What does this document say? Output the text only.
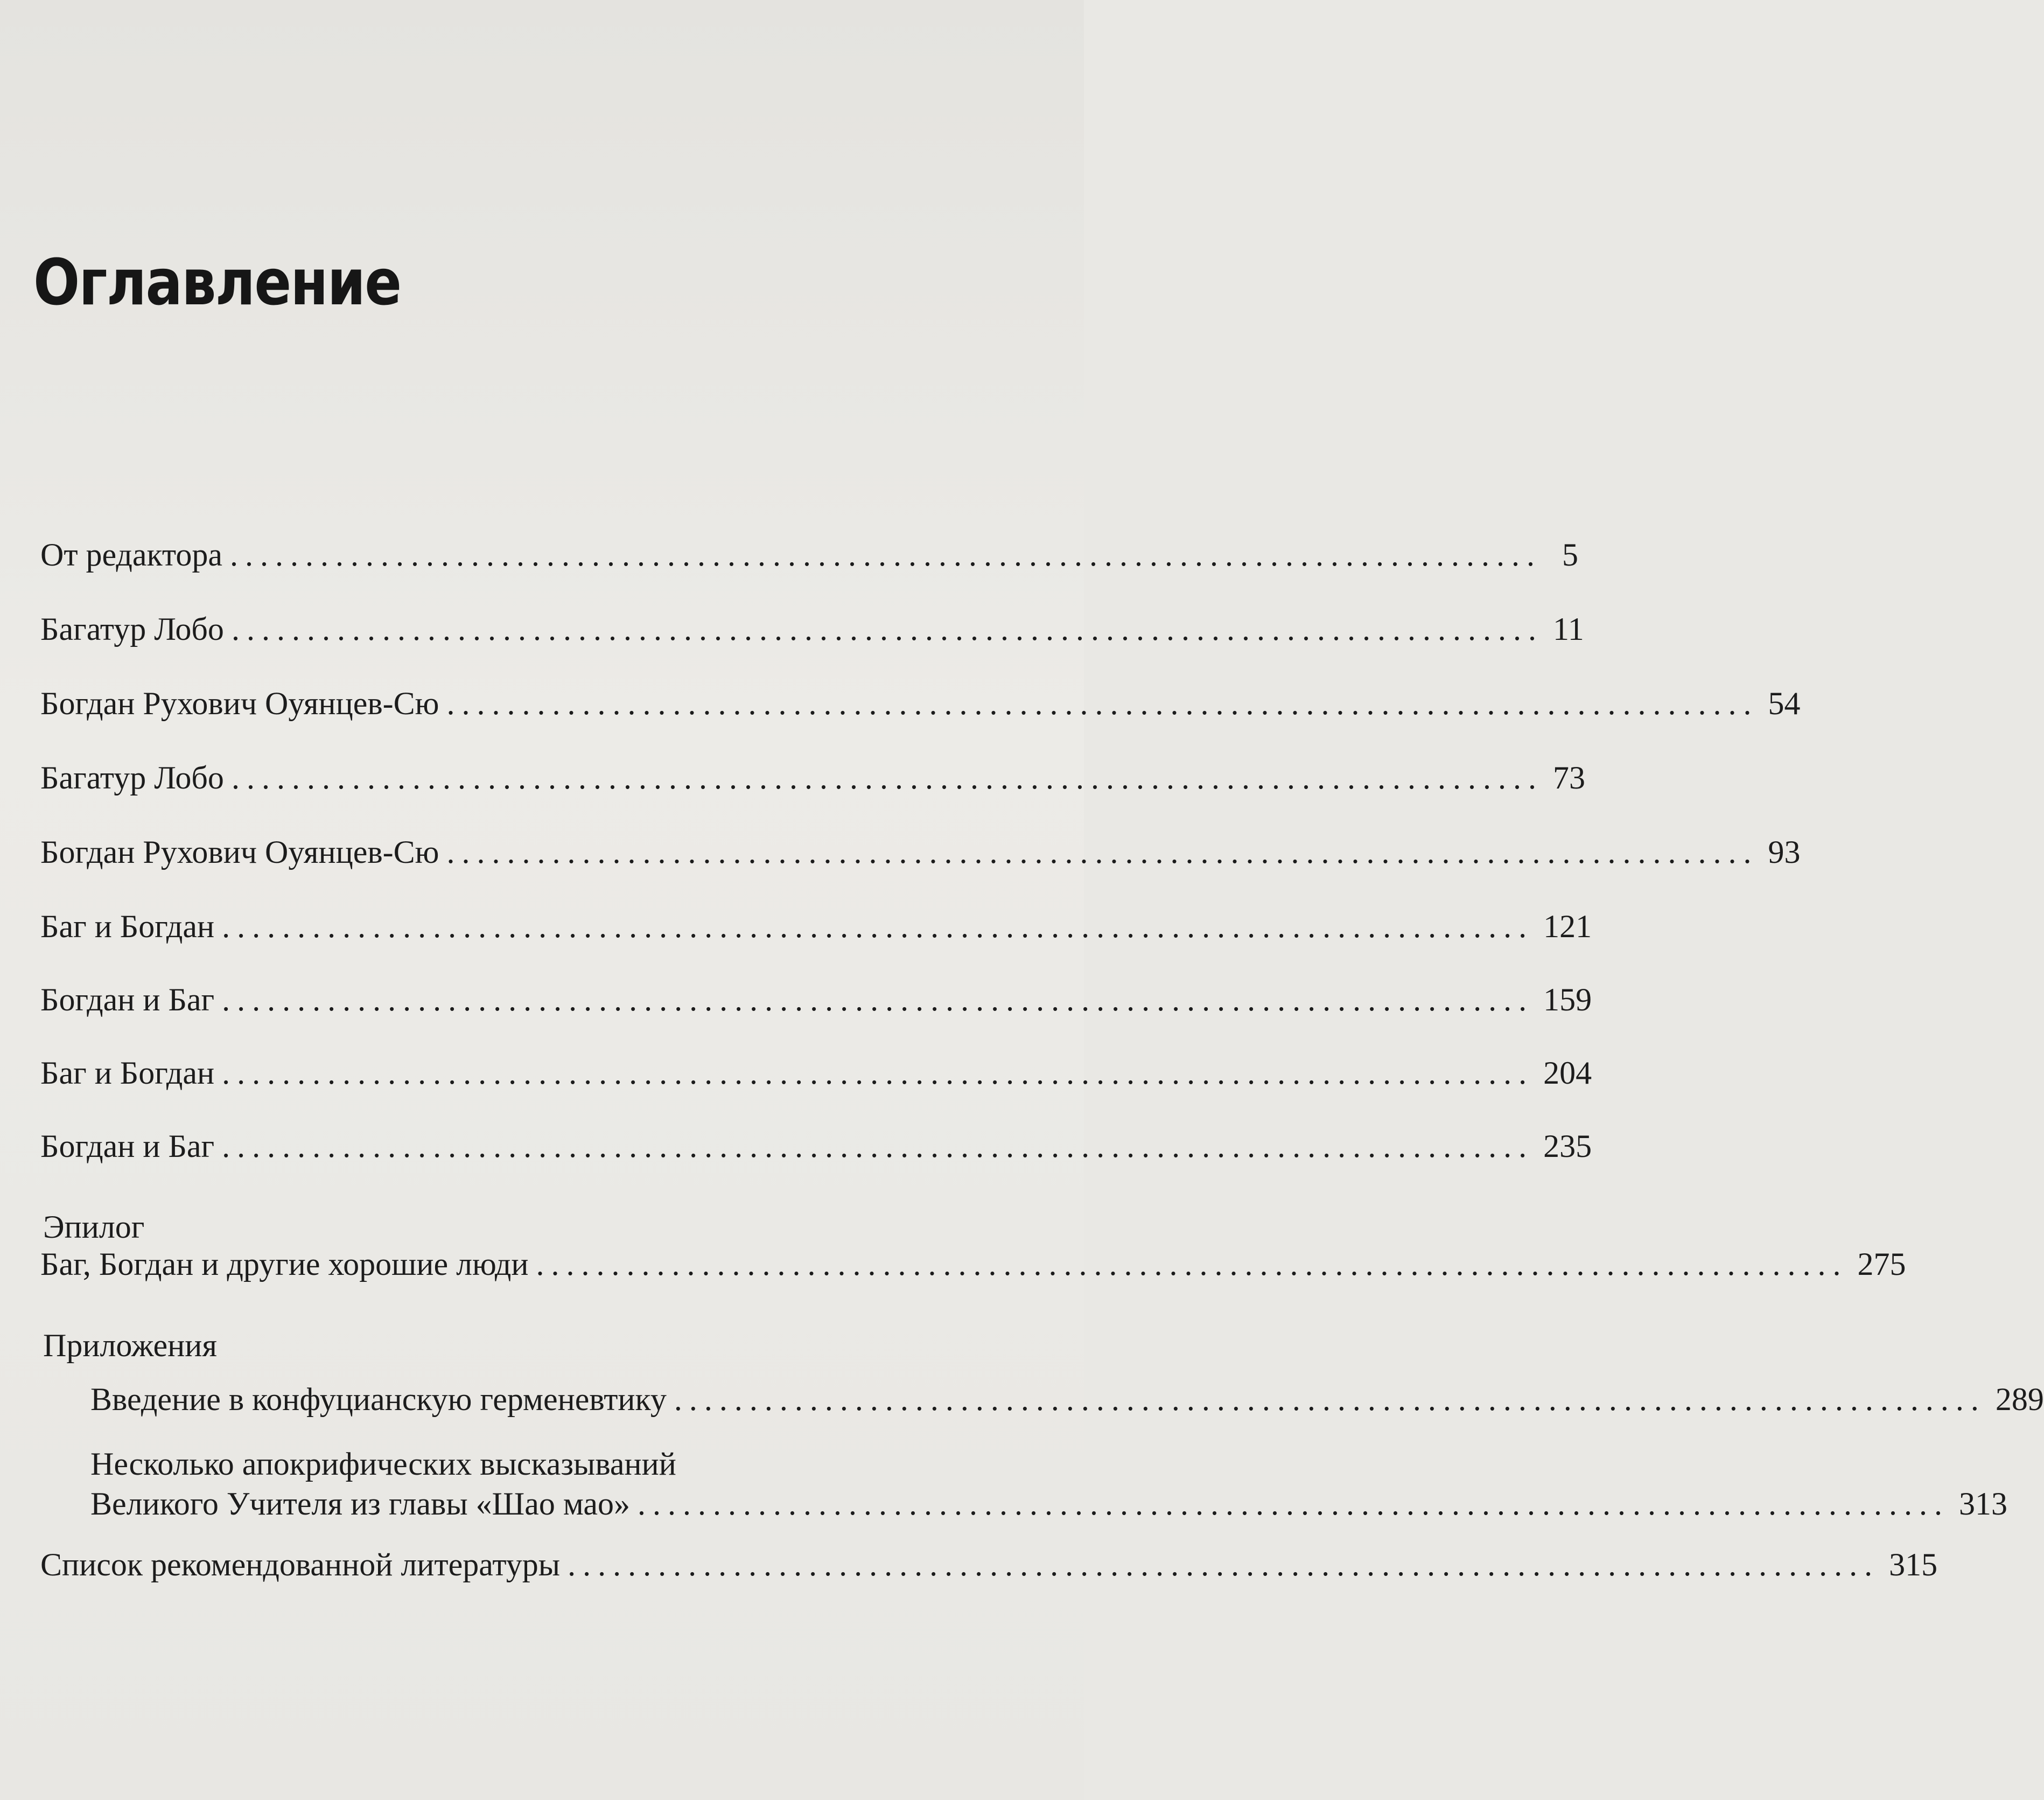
Оглавление
От редактора ....................................................................................... 5
Багатур Лобо ....................................................................................... 11
Богдан Рухович Оуянцев-Сю ....................................................................................... 54
Багатур Лобо ....................................................................................... 73
Богдан Рухович Оуянцев-Сю ....................................................................................... 93
Баг и Богдан ....................................................................................... 121
Богдан и Баг ....................................................................................... 159
Баг и Богдан ....................................................................................... 204
Богдан и Баг ....................................................................................... 235
Эпилог
Баг, Богдан и другие хорошие люди ....................................................................................... 275
Приложения
Введение в конфуцианскую герменевтику ....................................................................................... 289
Несколько апокрифических высказываний
Великого Учителя из главы «Шао мао» ....................................................................................... 313
Список рекомендованной литературы ....................................................................................... 315
